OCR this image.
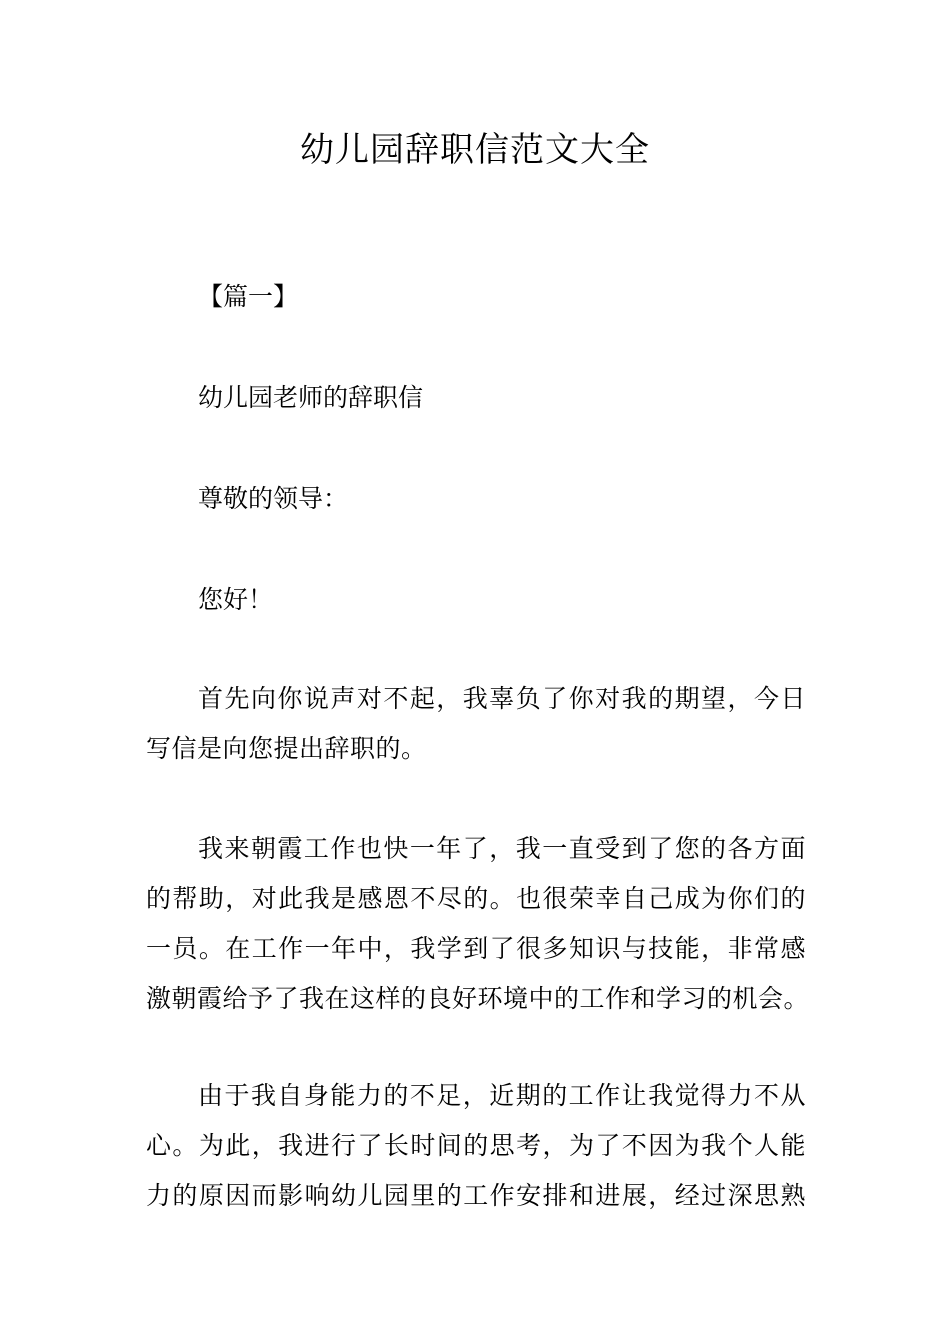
幼儿园辞职信范文大全
【篇一】
幼儿园老师的辞职信
尊敬的领导：
您好！
首先向你说声对不起，我辜负了你对我的期望，今日
写信是向您提出辞职的。
我来朝霞工作也快一年了，我一直受到了您的各方面
的帮助，对此我是感恩不尽的。也很荣幸自己成为你们的
一员。在工作一年中，我学到了很多知识与技能，非常感
激朝霞给予了我在这样的良好环境中的工作和学习的机会。
由于我自身能力的不足，近期的工作让我觉得力不从
心。为此，我进行了长时间的思考，为了不因为我个人能
力的原因而影响幼儿园里的工作安排和进展，经过深思熟
